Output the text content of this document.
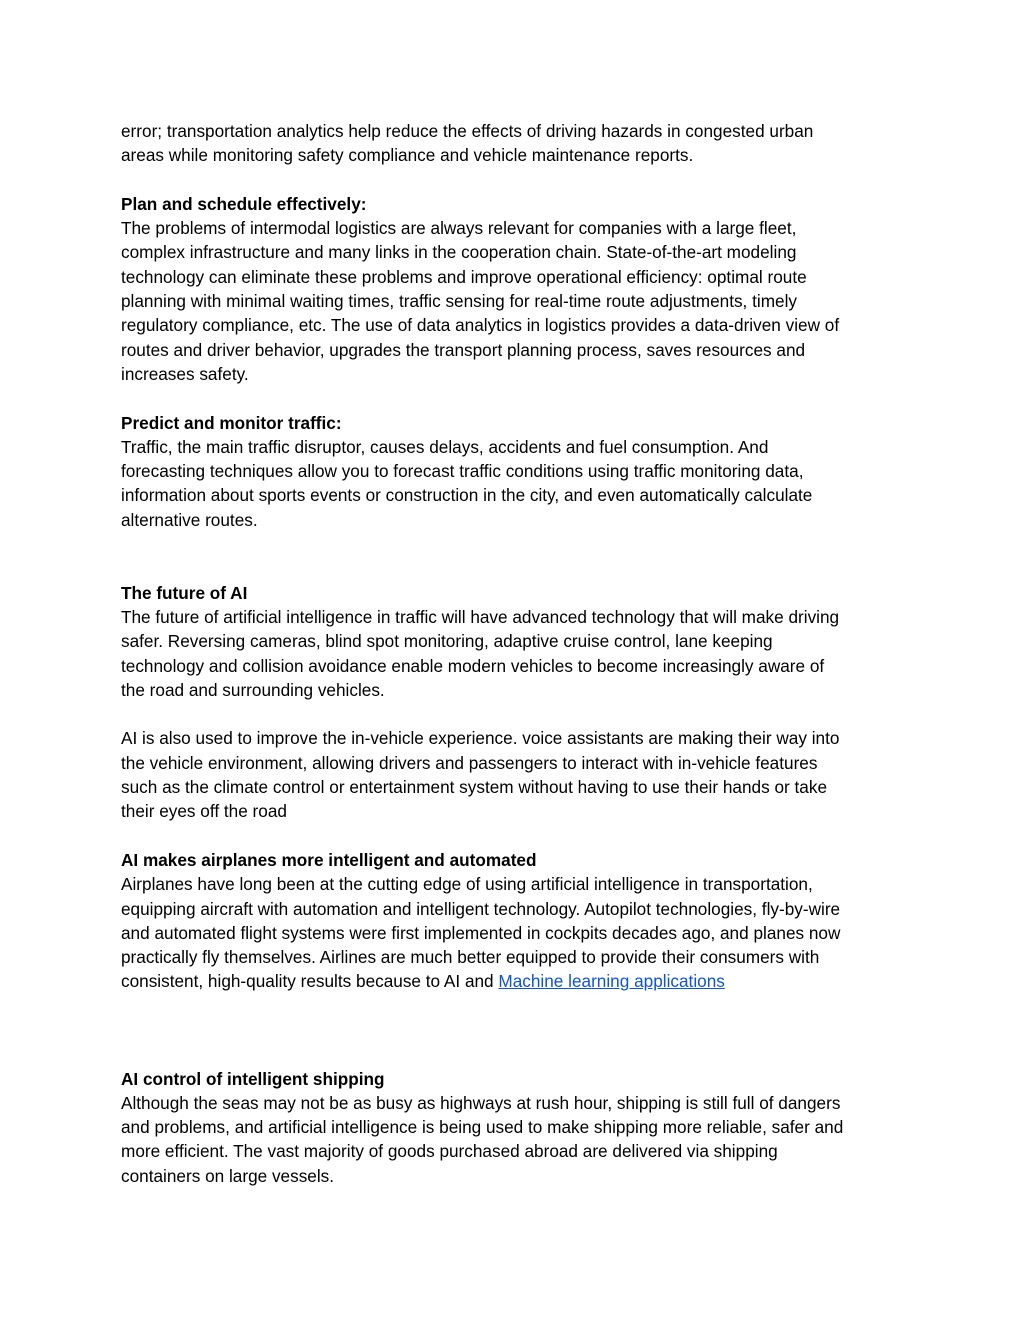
error; transportation analytics help reduce the effects of driving hazards in congested urban
areas while monitoring safety compliance and vehicle maintenance reports.

Plan and schedule effectively:

The problems of intermodal logistics are always relevant for companies with a large fleet,
complex infrastructure and many links in the cooperation chain. State-of-the-art modeling
technology can eliminate these problems and improve operational efficiency: optimal route
planning with minimal waiting times, traffic sensing for real-time route adjustments, timely
regulatory compliance, etc. The use of data analytics in logistics provides a data-driven view of
routes and driver behavior, upgrades the transport planning process, saves resources and
increases safety.

Predict and monitor traffic:

Traffic, the main traffic disruptor, causes delays, accidents and fuel consumption. And
forecasting techniques allow you to forecast traffic conditions using traffic monitoring data,
information about sports events or construction in the city, and even automatically calculate
alternative routes.

The future of AI

The future of artificial intelligence in traffic will have advanced technology that will make driving
safer. Reversing cameras, blind spot monitoring, adaptive cruise control, lane keeping
technology and collision avoidance enable modern vehicles to become increasingly aware of
the road and surrounding vehicles.

AI is also used to improve the in-vehicle experience. voice assistants are making their way into
the vehicle environment, allowing drivers and passengers to interact with in-vehicle features
such as the climate control or entertainment system without having to use their hands or take
their eyes off the road

AI makes airplanes more intelligent and automated

Airplanes have long been at the cutting edge of using artificial intelligence in transportation,
equipping aircraft with automation and intelligent technology. Autopilot technologies, fly-by-wire
and automated flight systems were first implemented in cockpits decades ago, and planes now
practically fly themselves. Airlines are much better equipped to provide their consumers with
consistent, high-quality results because to AI and Machine learning applications

AI control of intelligent shipping

Although the seas may not be as busy as highways at rush hour, shipping is still full of dangers
and problems, and artificial intelligence is being used to make shipping more reliable, safer and
more efficient. The vast majority of goods purchased abroad are delivered via shipping
containers on large vessels.
